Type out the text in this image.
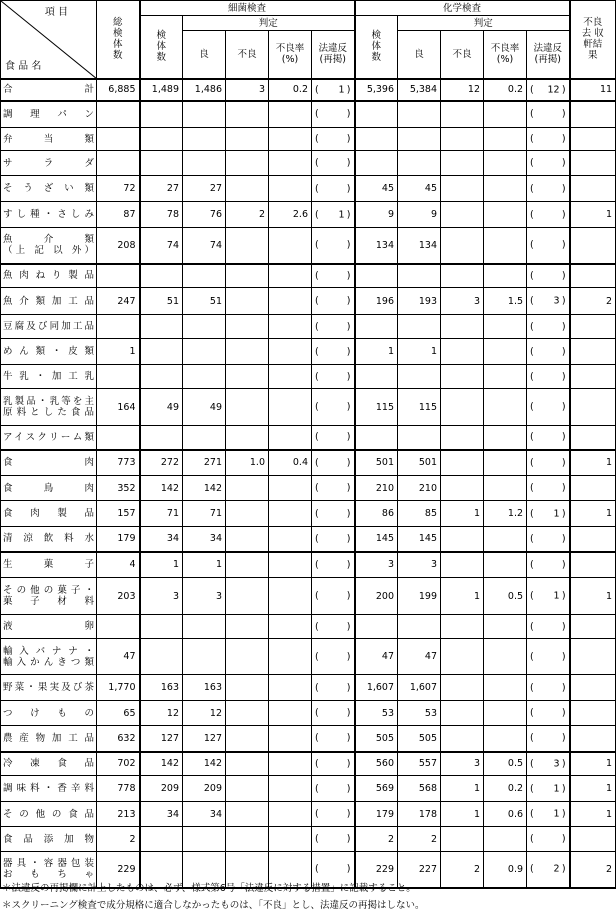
項 目
食 品 名	総検体数	細菌検査					化学検査					不良去 収軒結果
		検体数	判定				検体数	判定				
			良	不良	不良率(%)	法違反(再掲)		良	不良	不良率(%)	法違反(再掲)	

合 計	6,885	1,489	1,486	3	0.2	( 1 )	5,396	5,384	12	0.2	( 12 )	11

調 理 パ ン						( )					( )	

弁 当 類						( )					( )	

サ ラ ダ						( )					( )	

そ う ざ い 類	72	27	27			( )	45	45			( )	

すし種・さしみ	87	78	76	2	2.6	( 1 )	9	9			( )	1

魚 介 類
（上 記 以 外）	208	74	74			( )	134	134			( )	

魚肉ねり製品						( )					( )	

魚介類加工品	247	51	51			( )	196	193	3	1.5	( 3 )	2

豆腐及び同加工品						( )					( )	

めん類・皮類	1					( )	1	1			( )	

牛乳・加工乳						( )					( )	

乳製品・乳等を主
原料とした食品	164	49	49			( )	115	115			( )	

アイスクリーム類						( )					( )	

食 肉	773	272	271	1.0	0.4	( )	501	501			( )	1

食 鳥 肉	352	142	142			( )	210	210			( )	

食 肉 製 品	157	71	71			( )	86	85	1	1.2	( 1 )	1

清 涼 飲 料 水	179	34	34			( )	145	145			( )	

生 菓 子	4	1	1			( )	3	3			( )	

その他の菓子・
菓 子 材 料	203	3	3			( )	200	199	1	0.5	( 1 )	1

液 卵						( )					( )	

輸入バナナ・
輸入かんきつ類	47					( )	47	47			( )	

野菜・果実及び茶	1,770	163	163			( )	1,607	1,607			( )	

つ け も の	65	12	12			( )	53	53			( )	

農 産 物 加 工 品	632	127	127			( )	505	505			( )	

冷 凍 食 品	702	142	142			( )	560	557	3	0.5	( 3 )	1

調味料・香辛料	778	209	209			( )	569	568	1	0.2	( 1 )	1

その他の食品	213	34	34			( )	179	178	1	0.6	( 1 )	1

食 品 添 加 物	2					( )	2	2			( )	

器具・容器包装
お も ち ゃ	229					( )	229	227	2	0.9	( 2 )	2
＊法違反の再掲欄に計上したものは、必ず、様式第6号「法違反に対する措置」に記載すること。
＊スクリーニング検査で成分規格に適合しなかったものは、「不良」とし、法違反の再掲はしない。
